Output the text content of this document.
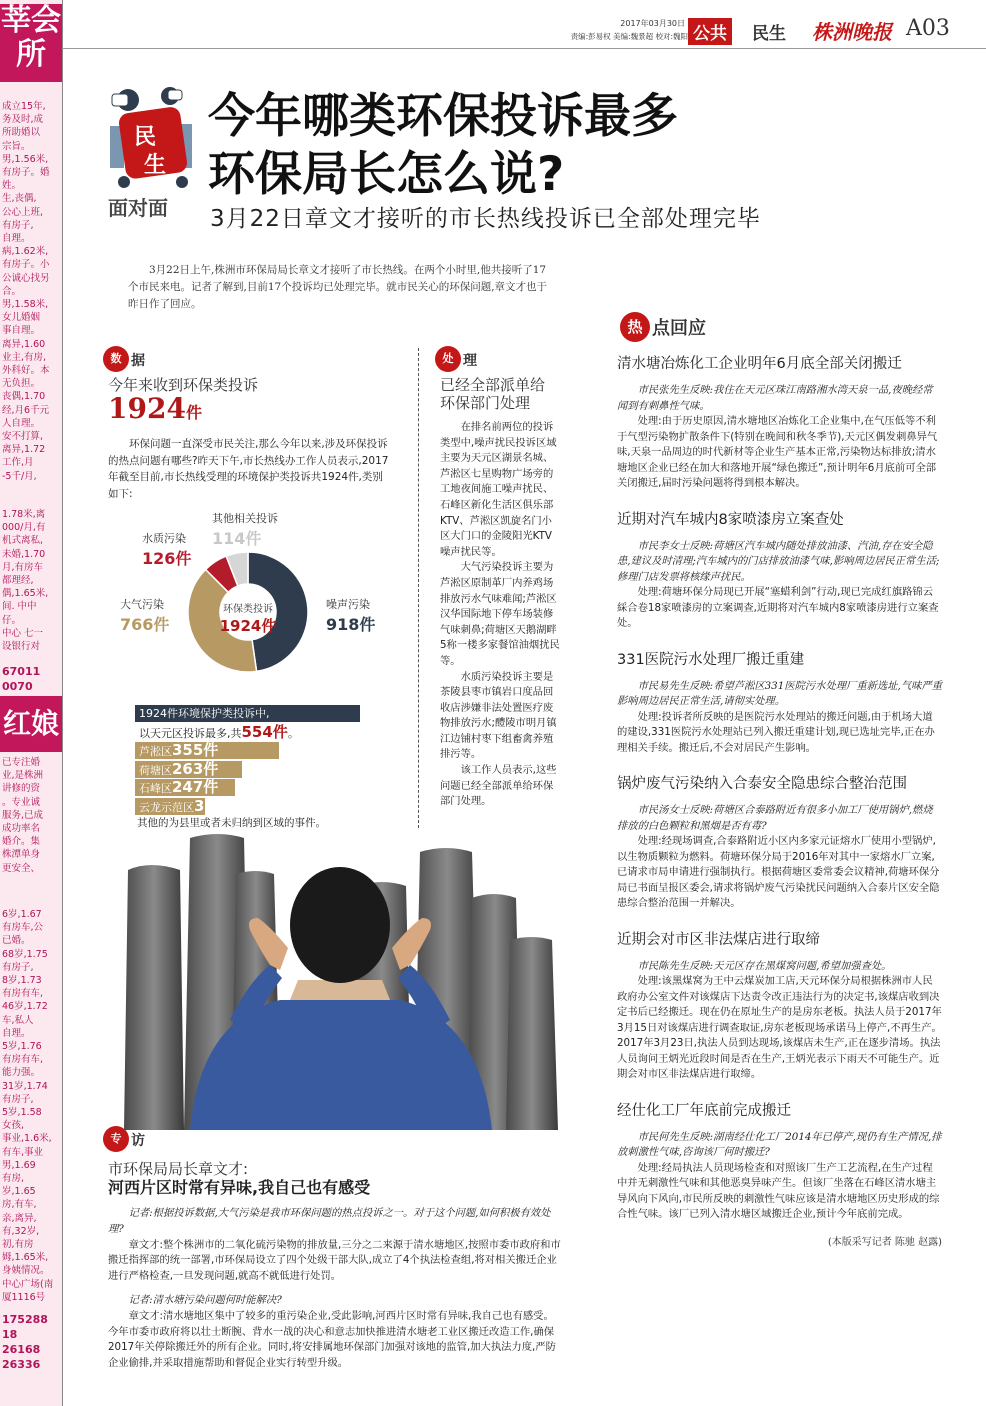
莘会所
成立15年,
务及时,成
所助婚以
宗旨。
男,1.56米,
有房子。婚
姓。
生,丧偶,
公心上班,
有房子,
自理。
病,1.62米,
有房子。小
公诚心找另
合。
男,1.58米,
女儿婚姻
事自理。
离异,1.60
业主,有房,
外科好。本
无负担。
丧偶,1.70
经,月6千元
人自理。
安不打算,
离异,1.72
工作,月
-5千/月,
1.78米,离
000/月,有
机式离私,
未婚,1.70
月,有房车
都理经,
偶,1.65米,
间. 中中
仔。
中心 七一
设银行对
67011
0070
红娘
已专注婚
业,是株洲
讲修的资
。专业诚
服务,已成
成功率名
婚介。集
株潭单身
更安全、
6岁,1.67
有房车,公
已婚。
68岁,1.75
有房子,
8岁,1.73
有房有车,
46岁,1.72
车,私人
自理。
5岁,1.76
有房有车,
能力强。
31岁,1.74
有房子,
5岁,1.58
女孩,
事业,1.6米,
有车,事业
男,1.69
有房,
岁,1.65
房,有车,
亲,离异,
有,32岁,
初,有房
姆,1.65米,
身姨情况。
中心广场(南
厦1116号
175288
18
26168
26336
2017年03月30日
责编:彭易权 美编:魏景超 校对:魏阳 公共 民生 株洲晚报 A03
民
生
面对面
今年哪类环保投诉最多
环保局长怎么说?
3月22日章文才接听的市长热线投诉已全部处理完毕
3月22日上午,株洲市环保局局长章文才接听了市长热线。在两个小时里,他共接听了17个市民来电。记者了解到,目前17个投诉均已处理完毕。就市民关心的环保问题,章文才也于昨日作了回应。
数 据
今年来收到环保类投诉
1924件

环保问题一直深受市民关注,那么今年以来,涉及环保投诉的热点问题有哪些?昨天下午,市长热线办工作人员表示,2017年截至目前,市长热线受理的环境保护类投诉共1924件,类别如下:

环保类投诉
1924件
噪声污染
918件
大气污染
766件
水质污染
126件
其他相关投诉
114件
1924件环境保护类投诉中,
以天元区投诉最多,共554件。
芦淞区355件
荷塘区263件
石峰区247件
云龙示范区36件
其他的为县里或者未归纳到区域的事件。
处 理
已经全部派单给
环保部门处理

在排名前两位的投诉类型中,噪声扰民投诉区域主要为天元区湖景名城、芦淞区七星购物广场旁的工地夜间施工噪声扰民、石峰区新化生活区俱乐部KTV、芦淞区凯旋名门小区大门口的金陵阳光KTV噪声扰民等。

大气污染投诉主要为芦淞区原制革厂内养鸡场排放污水气味难闻;芦淞区汉华国际地下停车场装修气味刺鼻;荷塘区天鹅湖畔5称一楼多家餐馆油烟扰民等。

水质污染投诉主要是茶陵县枣市镇岩口度品回收店涉嫌非法处置医疗废物排放污水;醴陵市明月镇江边铺村枣下组畜禽养殖排污等。

该工作人员表示,这些问题已经全部派单给环保部门处理。

专 访
市环保局局长章文才:
河西片区时常有异味,我自己也有感受

记者:根据投诉数据,大气污染是我市环保问题的热点投诉之一。对于这个问题,如何积极有效处理?

章文才:整个株洲市的二氧化硫污染物的排放量,三分之二来源于清水塘地区,按照市委市政府和市搬迁指挥部的统一部署,市环保局设立了四个处级干部大队,成立了4个执法检查组,将对相关搬迁企业进行严格检查,一旦发现问题,就高不就低进行处罚。

记者:清水塘污染问题何时能解决?

章文才:清水塘地区集中了较多的重污染企业,受此影响,河西片区时常有异味,我自己也有感受。今年市委市政府将以壮士断腕、背水一战的决心和意志加快推进清水塘老工业区搬迁改造工作,确保2017年关停除搬迁外的所有企业。同时,将安排属地环保部门加强对该地的监管,加大执法力度,严防企业偷排,并采取措施帮助和督促企业实行转型升级。

热 点回应
清水塘冶炼化工企业明年6月底全部关闭搬迁

市民张先生反映:我住在天元区珠江南路湘水湾天泉一品,夜晚经常闻到有刺鼻性气味。

处理:由于历史原因,清水塘地区冶炼化工企业集中,在气压低等不利于气型污染物扩散条件下(特别在晚间和秋冬季节),天元区偶发刺鼻异气味,天泉一品周边的时代新材等企业生产基本正常,污染物达标排放;清水塘地区企业已经在加大和落地开展“绿色搬迁”,预计明年6月底前可全部关闭搬迁,届时污染问题将得到根本解决。

近期对汽车城内8家喷漆房立案查处

市民李女士反映:荷塘区汽车城内随处排放油漆、汽油,存在安全隐患,建议及时清理;汽车城内的门店排放油漆气味,影响周边居民正常生活;修理门店发票将核缘声扰民。

处理:荷塘环保分局现已开展“塞蜡利剑”行动,现已完成红旗路锦云綵合卷18家喷漆房的立案调查,近期将对汽车城内8家喷漆房进行立案查处。

331医院污水处理厂搬迁重建

市民易先生反映:希望芦淞区331医院污水处理厂重新选址,气味严重影响周边居民正常生活,请彻实处理。

处理:投诉者所反映的是医院污水处理站的搬迁问题,由于机场大道的建设,331医院污水处理站已列入搬迁重建计划,现已选址完毕,正在办理相关手续。搬迁后,不会对居民产生影响。

锅炉废气污染纳入合泰安全隐患综合整治范围

市民汤女士反映:荷塘区合泰路附近有很多小加工厂使用锅炉,燃烧排放的白色颗粒和黑烟是否有毒?

处理:经现场调查,合泰路附近小区内多家元证熔水厂使用小型锅炉,以生物质颗粒为燃料。荷塘环保分局于2016年对其中一家熔水厂立案,已请求市局申请进行强制执行。根据荷塘区委常委会议精神,荷塘环保分局已书面呈报区委会,请求将锅炉废气污染扰民问题纳入合泰片区安全隐患综合整治范围一并解决。

近期会对市区非法煤店进行取缔

市民陈先生反映:天元区存在黑煤窝问题,希望加强查处。

处理:该黑煤窝为王中云煤炭加工店,天元环保分局根据株洲市人民政府办公室文件对该煤店下达责令改正违法行为的决定书,该煤店收到决定书后已经搬迁。现在仍在原址生产的是房东老板。执法人员于2017年3月15日对该煤店进行调查取证,房东老板现场承诺马上停产,不再生产。2017年3月23日,执法人员到达现场,该煤店未生产,正在逐步清场。执法人员询问王炳光近段时间是否在生产,王炳光表示下雨天不可能生产。近期会对市区非法煤店进行取缔。

经仕化工厂年底前完成搬迁

市民何先生反映:湖南经仕化工厂2014年已停产,现仍有生产情况,排放刺激性气味,咨询该厂何时搬迁?

处理:经局执法人员现场检查和对照该厂生产工艺流程,在生产过程中并无刺激性气味和其他恶臭异味产生。但该厂坐落在石峰区清水塘主导风向下风向,市民所反映的刺激性气味应该是清水塘地区历史形成的综合性气味。该厂已列入清水塘区域搬迁企业,预计今年底前完成。

(本版采写记者 陈驰 赵露)
